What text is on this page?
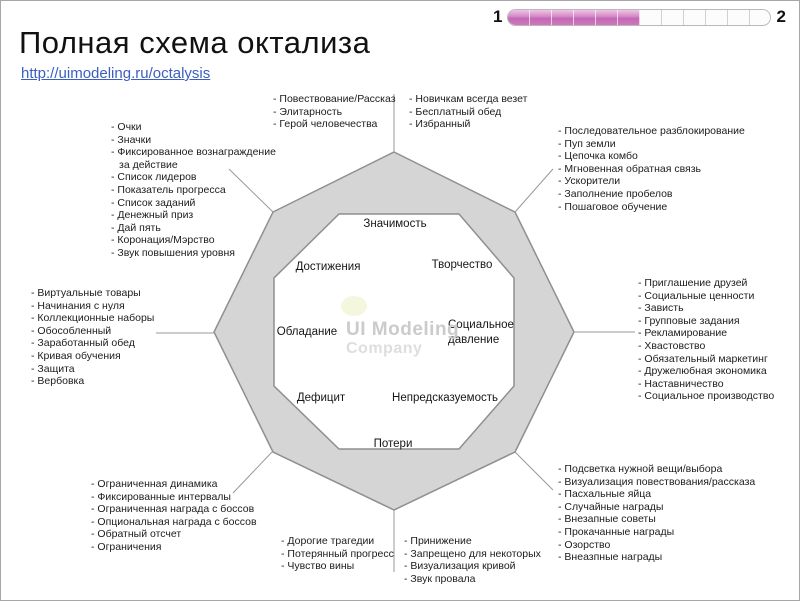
Полная схема октализа
http://uimodeling.ru/octalysis
1	2
Значимость
Достижения	Творчество
Обладание
Социальное
давление
Дефицит	Непредсказуемость
Потери
UI Modeling
Company
- Очки
- Значки
- Фиксированное вознаграждение за действие
- Список лидеров
- Показатель прогресса
- Список заданий
- Денежный приз
- Дай пять
- Коронация/Мэрство
- Звук повышения уровня
- Повествование/Рассказ
- Элитарность
- Герой человечества
- Новичкам всегда везет
- Бесплатный обед
- Избранный
- Последовательное разблокирование
- Пуп земли
- Цепочка комбо
- Мгновенная обратная связь
- Ускорители
- Заполнение пробелов
- Пошаговое обучение
- Виртуальные товары
- Начинания с нуля
- Коллекционные наборы
- Обособленный
- Заработанный обед
- Кривая обучения
- Защита
- Вербовка
- Приглашение друзей
- Социальные ценности
- Зависть
- Групповые задания
- Рекламирование
- Хвастовство
- Обязательный маркетинг
- Дружелюбная экономика
- Наставничество
- Социальное производство
- Ограниченная динамика
- Фиксированные интервалы
- Ограниченная награда с боссов
- Опциональная награда с боссов
- Обратный отсчет
- Ограничения	- Дорогие трагедии
- Потерянный прогресс
- Чувство вины
- Принижение
- Запрещено для некоторых
- Визуализация кривой
- Звук провала
- Подсветка нужной вещи/выбора
- Визуализация повествования/рассказа
- Пасхальные яйца
- Случайные награды
- Внезапные советы
- Прокачанные награды
- Озорство
- Внеазпные награды
